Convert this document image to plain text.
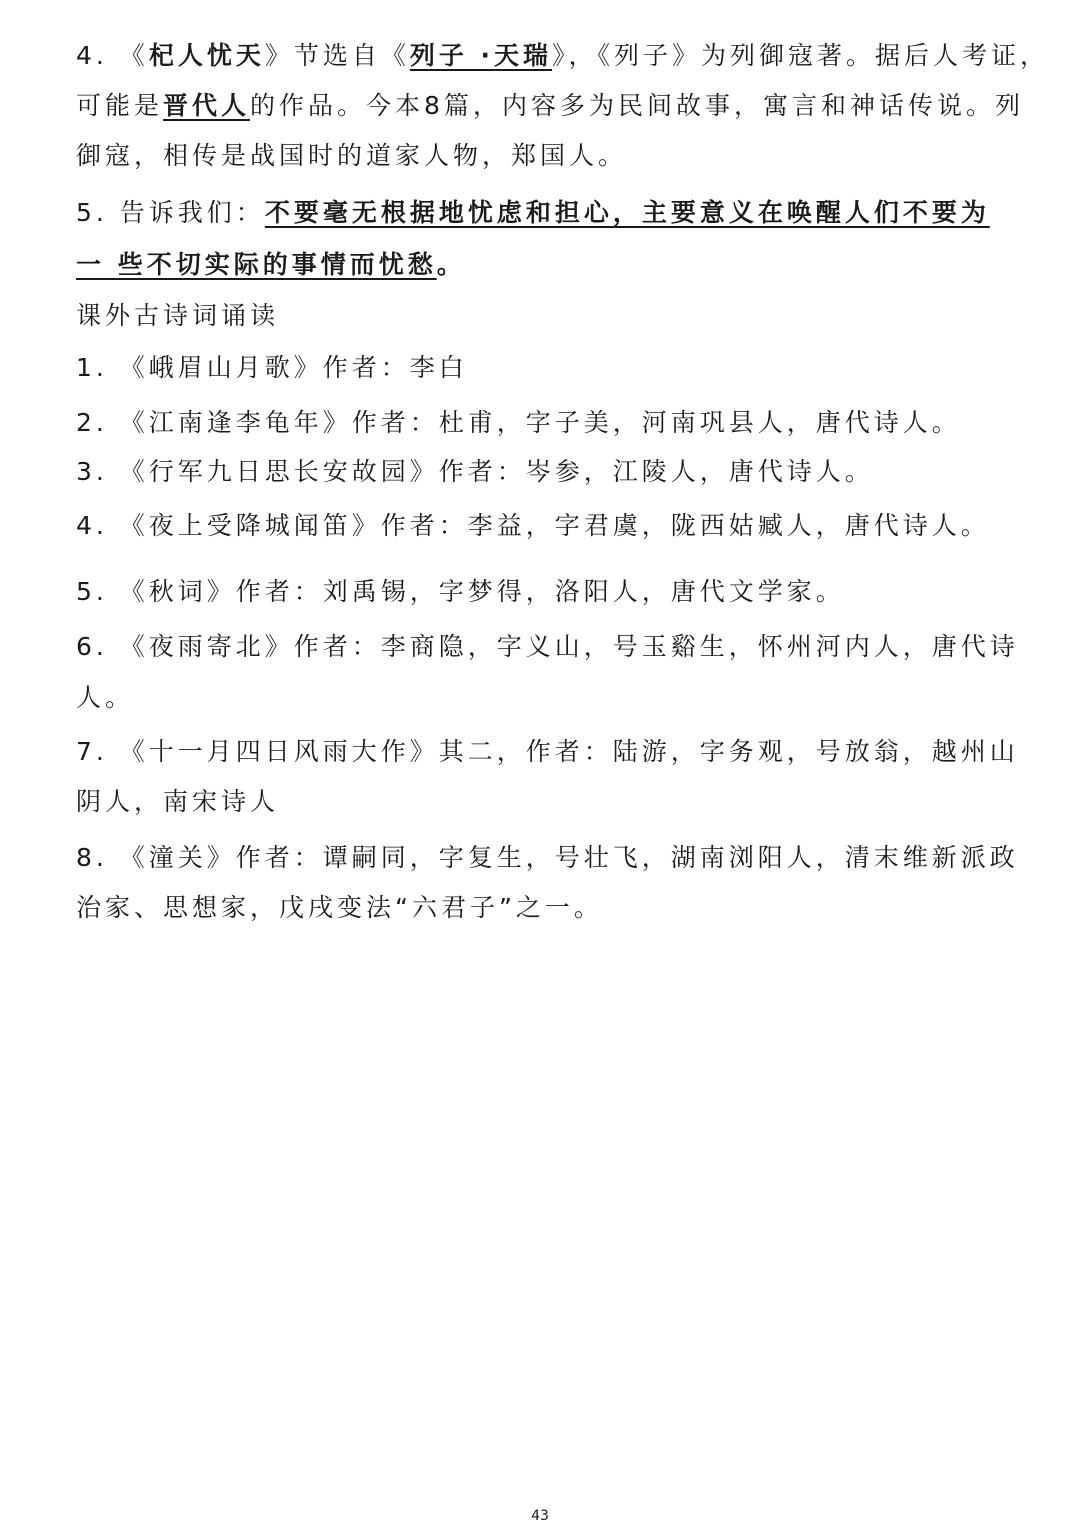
4. 《杞人忧天》节选自《列子 ·天瑞》，《列子》为列御寇著。据后人考证，
可能是晋代人的作品。今本8篇，内容多为民间故事，寓言和神话传说。列
御寇，相传是战国时的道家人物，郑国人。
5. 告诉我们：不要毫无根据地忧虑和担心，主要意义在唤醒人们不要为
一 些不切实际的事情而忧愁。
课外古诗词诵读
1. 《峨眉山月歌》作者：李白
2. 《江南逢李龟年》作者：杜甫，字子美，河南巩县人，唐代诗人。
3. 《行军九日思长安故园》作者：岑参，江陵人，唐代诗人。
4. 《夜上受降城闻笛》作者：李益，字君虞，陇西姑臧人，唐代诗人。
5. 《秋词》作者：刘禹锡，字梦得，洛阳人，唐代文学家。
6. 《夜雨寄北》作者：李商隐，字义山，号玉谿生，怀州河内人，唐代诗
人。
7. 《十一月四日风雨大作》其二，作者：陆游，字务观，号放翁，越州山
阴人，南宋诗人
8. 《潼关》作者：谭嗣同，字复生，号壮飞，湖南浏阳人，清末维新派政
治家、思想家，戊戌变法“六君子”之一。
43
